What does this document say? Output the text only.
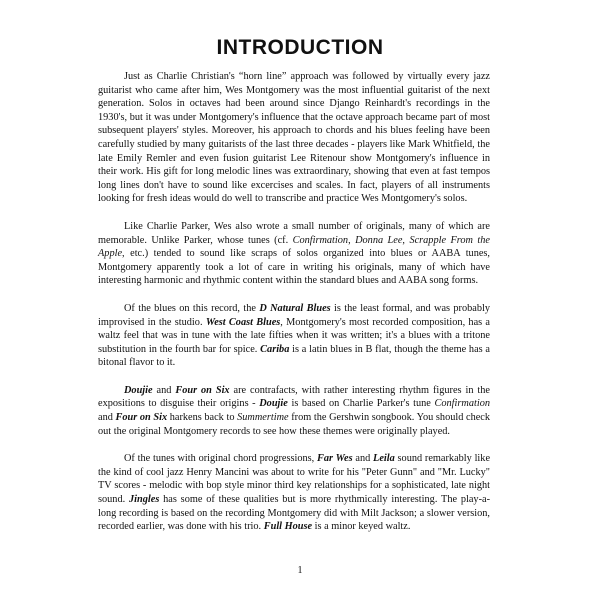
INTRODUCTION

Just as Charlie Christian's “horn line” approach was followed by virtually every jazz guitarist who came after him, Wes Montgomery was the most influential guitarist of the next generation. Solos in octaves had been around since Django Reinhardt's recordings in the 1930's, but it was under Montgomery's influence that the octave approach became part of most subsequent players' styles. Moreover, his approach to chords and his blues feeling have been carefully studied by many guitarists of the last three decades - players like Mark Whitfield, the late Emily Remler and even fusion guitarist Lee Ritenour show Montgomery's influence in their work. His gift for long melodic lines was extraordinary, showing that even at fast tempos long lines don't have to sound like excercises and scales. In fact, players of all instruments looking for fresh ideas would do well to transcribe and practice Wes Montgomery's solos.

Like Charlie Parker, Wes also wrote a small number of originals, many of which are memorable. Unlike Parker, whose tunes (cf. Confirmation, Donna Lee, Scrapple From the Apple, etc.) tended to sound like scraps of solos organized into blues or AABA tunes, Montgomery apparently took a lot of care in writing his originals, many of which have interesting harmonic and rhythmic content within the standard blues and AABA song forms.

Of the blues on this record, the D Natural Blues is the least formal, and was probably improvised in the studio. West Coast Blues, Montgomery's most recorded composition, has a waltz feel that was in tune with the late fifties when it was written; it's a blues with a tritone substitution in the fourth bar for spice. Cariba is a latin blues in B flat, though the theme has a bitonal flavor to it.

Doujie and Four on Six are contrafacts, with rather interesting rhythm figures in the expositions to disguise their origins - Doujie is based on Charlie Parker's tune Confirmation and Four on Six harkens back to Summertime from the Gershwin songbook. You should check out the original Montgomery records to see how these themes were originally played.

Of the tunes with original chord progressions, Far Wes and Leila sound remarkably like the kind of cool jazz Henry Mancini was about to write for his "Peter Gunn" and "Mr. Lucky" TV scores - melodic with bop style minor third key relationships for a sophisticated, late night sound. Jingles has some of these qualities but is more rhythmically interesting. The play-a-long recording is based on the recording Montgomery did with Milt Jackson; a slower version, recorded earlier, was done with his trio. Full House is a minor keyed waltz.

1
